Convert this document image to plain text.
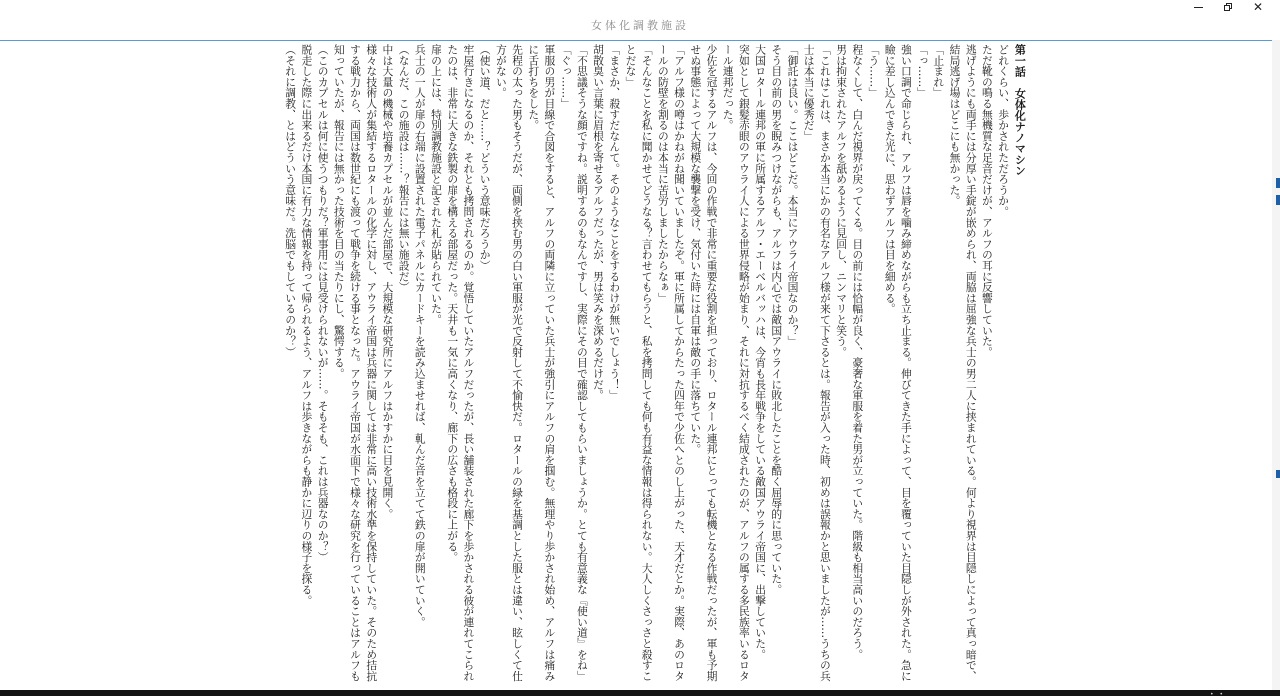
女体化調教施設
✕
第一話　女体化ナノマシン
どれくらい、歩かされただろうか。
ただ靴の鳴る無機質な足音だけが、アルフの耳に反響していた。
逃げようにも両手には分厚い手錠が嵌められ、両脇は屈強な兵士の男二人に挟まれている。何より視界は目隠しによって真っ暗で、結局逃げ場はどこにも無かった。
「止まれ」
「っ……」
強い口調で命じられ、アルフは唇を噛み締めながらも立ち止まる。伸びてきた手によって、目を覆っていた目隠しが外された。急に瞼に差し込んできた光に、思わずアルフは目を細める。
「う……」
程なくして、白んだ視界が戻ってくる。目の前には恰幅が良く、豪奢な軍服を着た男が立っていた。階級も相当高いのだろう。
男は拘束されたアルフを舐めるように見回し、ニンマリと笑う。
「これはこれは、まさか本当にかの有名なアルフ様が来て下さるとは。報告が入った時、初めは誤報かと思いましたが……うちの兵士は本当に優秀だ」
「御託は良い。ここはどこだ。本当にアウライ帝国なのか？」
そう目の前の男を睨みつけながらも、アルフは内心では敵国アウライに敗北したことを酷く屈辱的に思っていた。
大国ロタール連邦の軍に所属するアルフ・エーベルバッハは、今宵も長年戦争をしている敵国アウライ帝国に、出撃していた。
突如として銀髪赤眼のアウライ人による世界侵略が始まり、それに対抗するべく結成されたのが、アルフの属する多民族率いるロタール連邦だった。
少佐を冠するアルフは、今回の作戦で非常に重要な役割を担っており、ロタール連邦にとっても転機となる作戦だったが、軍も予期せぬ事態によって大規模な襲撃を受け、気付いた時には自軍は敵の手に落ちていた。
「アルフ様の噂はかねがね聞いていましたぞ。軍に所属してからたった四年で少佐へとのし上がった、天才だとか。実際、あのロタールの防壁を割るのは本当に苦労しましたからなぁ」
「そんなことを私に聞かせてどうなる？言わせてもらうと、私を拷問しても何も有益な情報は得られない。大人しくさっさと殺すことだな」
「まさか、殺すだなんて。そのようなことをするわけが無いでしょう！」
胡散臭い言葉に眉根を寄せるアルフだったが、男は笑みを深めるだけだ。
「不思議そうな顔ですね。説明するのもなんですし、実際にその目で確認してもらいましょうか。とても有意義な『使い道』をね」
「ぐっ……」
軍服の男が目線で合図をすると、アルフの両隣に立っていた兵士が強引にアルフの肩を掴む。無理やり歩かされ始め、アルフは痛みに舌打ちをした。
先程の太った男もそうだが、両側を挟む男の白い軍服が光で反射して不愉快だ。ロタールの緑を基調とした服とは違い、眩しくて仕方がない。
（使い道、だと……？どういう意味だろうか）
牢屋行きになるのか、それとも拷問されるのか。覚悟していたアルフだったが、長い舗装された廊下を歩かされる彼が連れてこられたのは、非常に大きな鉄製の扉を構える部屋だった。天井も一気に高くなり、廊下の広さも格段に上がる。
扉の上には、特別調教施設と記された札が貼られていた。
兵士の一人が扉の右端に設置された電子パネルにカードキーを読み込ませれば、軋んだ音を立てて鉄の扉が開いていく。
（なんだ、この施設は……？報告には無い施設だ）
中は大量の機械や培養カプセルが並んだ部屋で、大規模な研究所にアルフはかすかに目を見開く。
様々な技術人が集結するロタールの化学に対し、アウライ帝国は兵器に関しては非常に高い技術水準を保持していた。そのため拮抗する戦力から、両国は数世紀にも渡って戦争を続ける事となった。アウライ帝国が水面下で様々な研究を行っていることはアルフも知っていたが、報告には無かった技術を目の当たりにし、驚愕する。
（このカプセルは何に使うつもりだ？軍事用には見受けられないが……。そもそも、これは兵器なのか？）
脱走した際に出来るだけ本国に有力な情報を持って帰られるよう、アルフは歩きながらも静かに辺りの様子を探る。
（それに調教、とはどういう意味だ。洗脳でもしているのか？）
• •
